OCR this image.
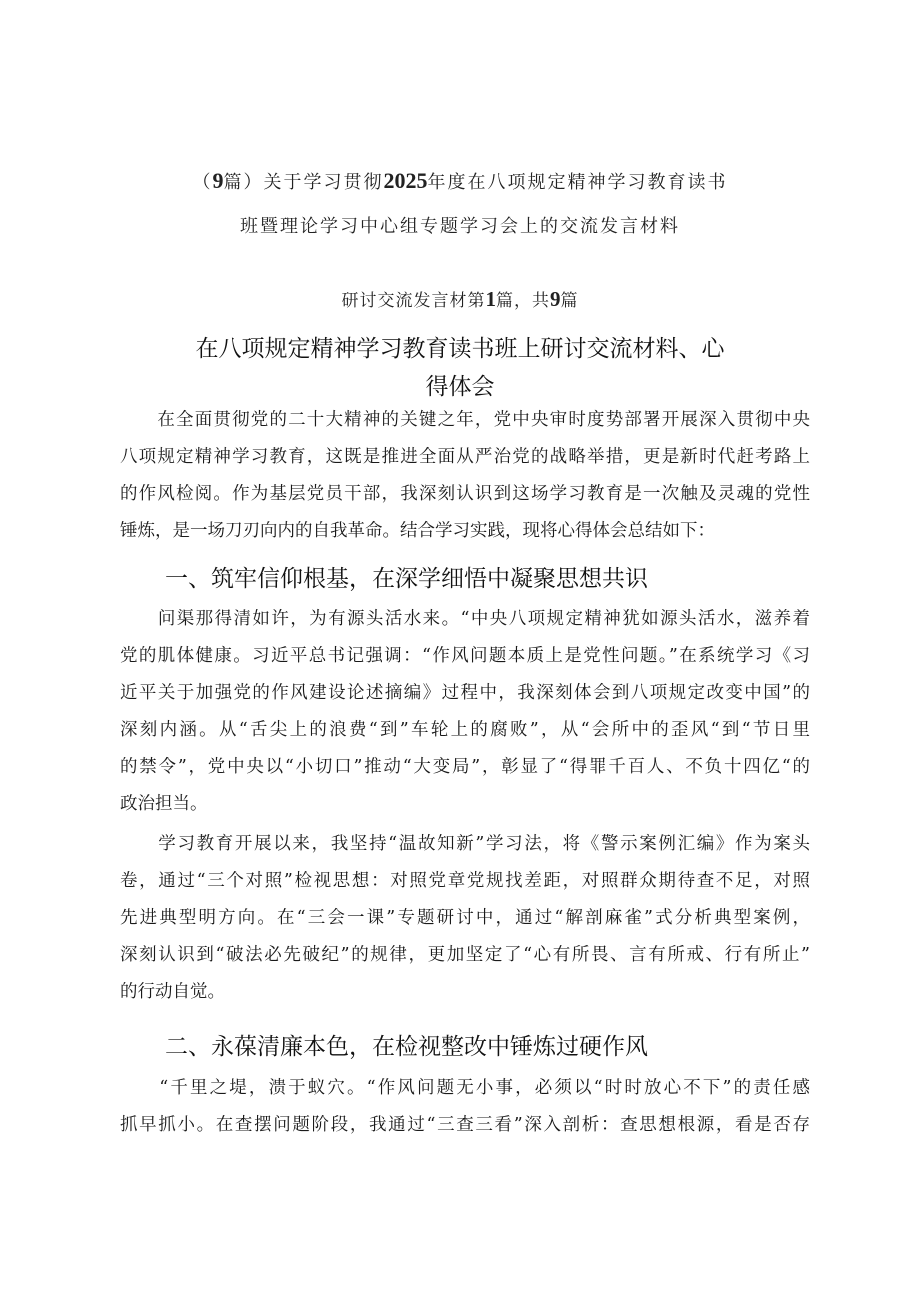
（9篇）关于学习贯彻2025年度在八项规定精神学习教育读书
班暨理论学习中心组专题学习会上的交流发言材料
研讨交流发言材第1篇，共9篇
在八项规定精神学习教育读书班上研讨交流材料、心
得体会
　　在全面贯彻党的二十大精神的关键之年，党中央审时度势部署开展深入贯彻中央
八项规定精神学习教育，这既是推进全面从严治党的战略举措，更是新时代赶考路上
的作风检阅。作为基层党员干部，我深刻认识到这场学习教育是一次触及灵魂的党性
锤炼，是一场刀刃向内的自我革命。结合学习实践，现将心得体会总结如下：
一、筑牢信仰根基，在深学细悟中凝聚思想共识
　　问渠那得清如许，为有源头活水来。“中央八项规定精神犹如源头活水，滋养着
党的肌体健康。习近平总书记强调：“作风问题本质上是党性问题。”在系统学习《习
近平关于加强党的作风建设论述摘编》过程中，我深刻体会到八项规定改变中国”的
深刻内涵。从“舌尖上的浪费“到”车轮上的腐败”，从“会所中的歪风“到“节日里
的禁令”，党中央以“小切口”推动“大变局”，彰显了“得罪千百人、不负十四亿“的
政治担当。
　　学习教育开展以来，我坚持“温故知新”学习法，将《警示案例汇编》作为案头
卷，通过“三个对照”检视思想：对照党章党规找差距，对照群众期待查不足，对照
先进典型明方向。在“三会一课”专题研讨中，通过“解剖麻雀”式分析典型案例，
深刻认识到“破法必先破纪”的规律，更加坚定了“心有所畏、言有所戒、行有所止”
的行动自觉。
二、永葆清廉本色，在检视整改中锤炼过硬作风
　　“千里之堤，溃于蚁穴。“作风问题无小事，必须以“时时放心不下”的责任感
抓早抓小。在查摆问题阶段，我通过“三查三看”深入剖析：查思想根源，看是否存
